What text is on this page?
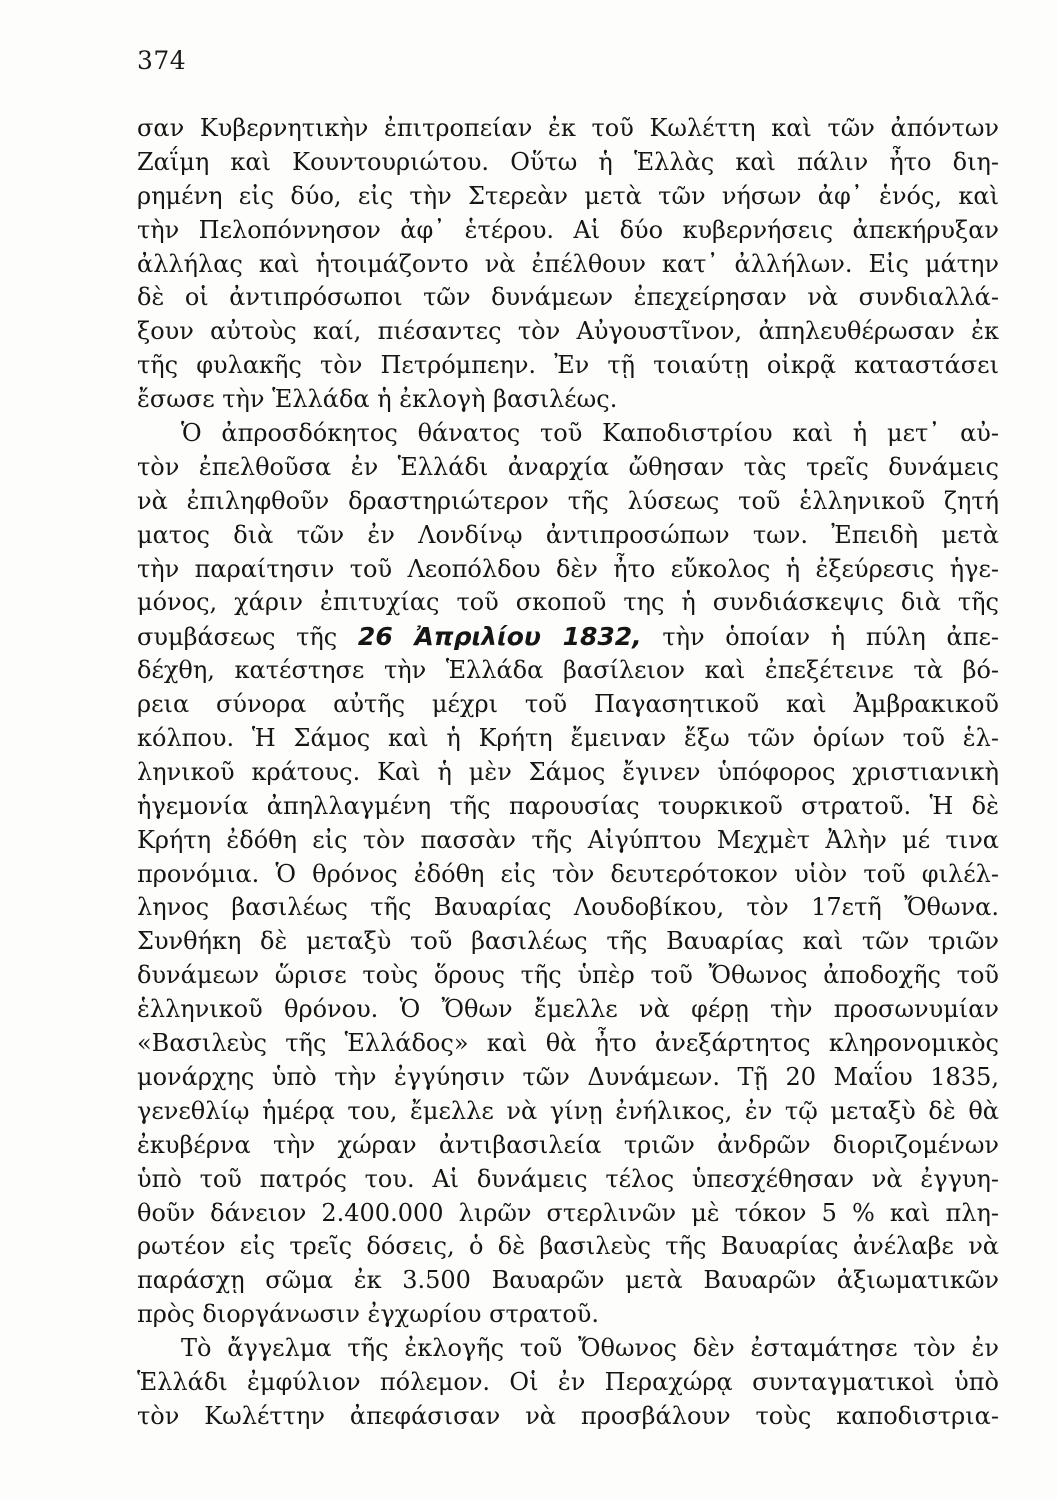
374
σαν Κυβερνητικὴν ἐπιτροπείαν ἐκ τοῦ Κωλέττη καὶ τῶν ἀπόντων
Ζαΐμη καὶ Κουντουριώτου. Οὕτω ἡ Ἑλλὰς καὶ πάλιν ἦτο διη-
ρημένη εἰς δύο, εἰς τὴν Στερεὰν μετὰ τῶν νήσων ἀφ᾽ ἑνός, καὶ
τὴν Πελοπόννησον ἀφ᾽ ἑτέρου. Αἱ δύο κυβερνήσεις ἀπεκήρυξαν
ἀλλήλας καὶ ἡτοιμάζοντο νὰ ἐπέλθουν κατ᾽ ἀλλήλων. Εἰς μάτην
δὲ οἱ ἀντιπρόσωποι τῶν δυνάμεων ἐπεχείρησαν νὰ συνδιαλλά-
ξουν αὐτοὺς καί, πιέσαντες τὸν Αὐγουστῖνον, ἀπηλευθέρωσαν ἐκ
τῆς φυλακῆς τὸν Πετρόμπεην. Ἐν τῇ τοιαύτῃ οἰκρᾷ καταστάσει
ἔσωσε τὴν Ἑλλάδα ἡ ἐκλογὴ βασιλέως.
Ὁ ἀπροσδόκητος θάνατος τοῦ Καποδιστρίου καὶ ἡ μετ᾽ αὐ-
τὸν ἐπελθοῦσα ἐν Ἑλλάδι ἀναρχία ὤθησαν τὰς τρεῖς δυνάμεις
νὰ ἐπιληφθοῦν δραστηριώτερον τῆς λύσεως τοῦ ἑλληνικοῦ ζητή
ματος διὰ τῶν ἐν Λονδίνῳ ἀντιπροσώπων των. Ἐπειδὴ μετὰ
τὴν παραίτησιν τοῦ Λεοπόλδου δὲν ἦτο εὔκολος ἡ ἐξεύρεσις ἡγε-
μόνος, χάριν ἐπιτυχίας τοῦ σκοποῦ της ἡ συνδιάσκεψις διὰ τῆς
συμβάσεως τῆς 26 Ἀπριλίου 1832, τὴν ὁποίαν ἡ πύλη ἀπε-
δέχθη, κατέστησε τὴν Ἑλλάδα βασίλειον καὶ ἐπεξέτεινε τὰ βό-
ρεια σύνορα αὐτῆς μέχρι τοῦ Παγασητικοῦ καὶ Ἀμβρακικοῦ
κόλπου. Ἡ Σάμος καὶ ἡ Κρήτη ἔμειναν ἔξω τῶν ὁρίων τοῦ ἑλ-
ληνικοῦ κράτους. Καὶ ἡ μὲν Σάμος ἔγινεν ὑπόφορος χριστιανικὴ
ἡγεμονία ἀπηλλαγμένη τῆς παρουσίας τουρκικοῦ στρατοῦ. Ἡ δὲ
Κρήτη ἐδόθη εἰς τὸν πασσὰν τῆς Αἰγύπτου Μεχμὲτ Ἀλὴν μέ τινα
προνόμια. Ὁ θρόνος ἐδόθη εἰς τὸν δευτερότοκον υἱὸν τοῦ φιλέλ-
ληνος βασιλέως τῆς Βαυαρίας Λουδοβίκου, τὸν 17ετῆ Ὄθωνα.
Συνθήκη δὲ μεταξὺ τοῦ βασιλέως τῆς Βαυαρίας καὶ τῶν τριῶν
δυνάμεων ὥρισε τοὺς ὅρους τῆς ὑπὲρ τοῦ Ὄθωνος ἀποδοχῆς τοῦ
ἑλληνικοῦ θρόνου. Ὁ Ὄθων ἔμελλε νὰ φέρῃ τὴν προσωνυμίαν
«Βασιλεὺς τῆς Ἑλλάδος» καὶ θὰ ἦτο ἀνεξάρτητος κληρονομικὸς
μονάρχης ὑπὸ τὴν ἐγγύησιν τῶν Δυνάμεων. Τῇ 20 Μαΐου 1835,
γενεθλίῳ ἡμέρᾳ του, ἔμελλε νὰ γίνῃ ἐνήλικος, ἐν τῷ μεταξὺ δὲ θὰ
ἐκυβέρνα τὴν χώραν ἀντιβασιλεία τριῶν ἀνδρῶν διοριζομένων
ὑπὸ τοῦ πατρός του. Αἱ δυνάμεις τέλος ὑπεσχέθησαν νὰ ἐγγυη-
θοῦν δάνειον 2.400.000 λιρῶν στερλινῶν μὲ τόκον 5 % καὶ πλη-
ρωτέον εἰς τρεῖς δόσεις, ὁ δὲ βασιλεὺς τῆς Βαυαρίας ἀνέλαβε νὰ
παράσχῃ σῶμα ἐκ 3.500 Βαυαρῶν μετὰ Βαυαρῶν ἀξιωματικῶν
πρὸς διοργάνωσιν ἐγχωρίου στρατοῦ.
Τὸ ἄγγελμα τῆς ἐκλογῆς τοῦ Ὄθωνος δὲν ἐσταμάτησε τὸν ἐν
Ἑλλάδι ἐμφύλιον πόλεμον. Οἱ ἐν Περαχώρᾳ συνταγματικοὶ ὑπὸ
τὸν Κωλέττην ἀπεφάσισαν νὰ προσβάλουν τοὺς καποδιστρια-
